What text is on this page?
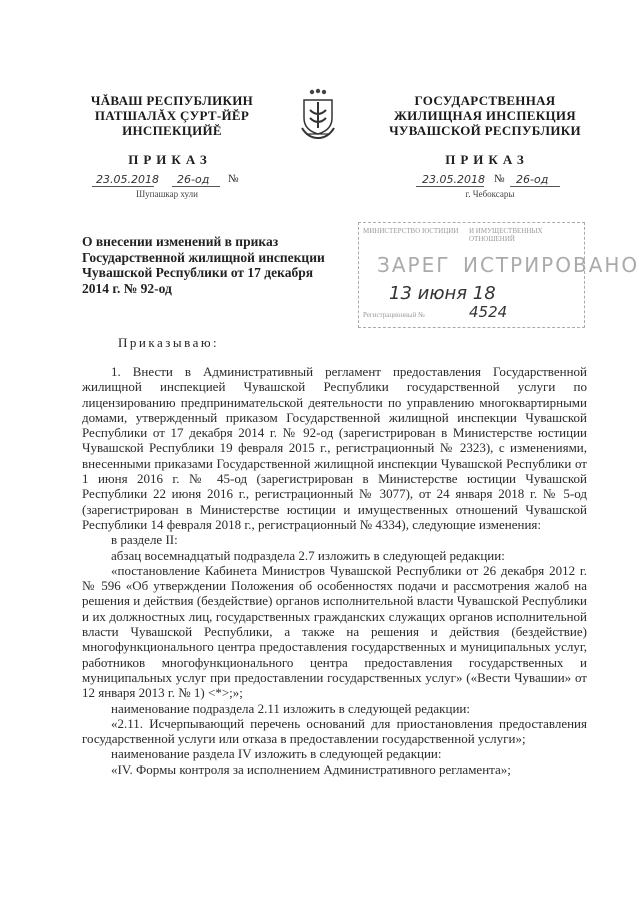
ЧĂВАШ РЕСПУБЛИКИН
ПАТШАЛĂХ ÇУРТ-ЙĔР
ИНСПЕКЦИЙĔ
ПРИКАЗ
23.05.2018 26-од №
Шупашкар хули
ГОСУДАРСТВЕННАЯ
ЖИЛИЩНАЯ ИНСПЕКЦИЯ
ЧУВАШСКОЙ РЕСПУБЛИКИ
ПРИКАЗ
23.05.2018 № 26-од
г. Чебоксары
О внесении изменений в приказ Государственной жилищной инспекции Чувашской Республики от 17 декабря 2014 г. № 92-од
МИНИСТЕРСТВО ЮСТИЦИИ И ИМУЩЕСТВЕННЫХ ОТНОШЕНИЙ
ЗАРЕГ ИСТРИРОВАНО
13 июня 18
Регистрационный №	4524
Приказываю:

1. Внести в Административный регламент предоставления Государственной жилищной инспекцией Чувашской Республики государственной услуги по лицензированию предпринимательской деятельности по управлению многоквартирными домами, утвержденный приказом Государственной жилищной инспекции Чувашской Республики от 17 декабря 2014 г. № 92-од (зарегистрирован в Министерстве юстиции Чувашской Республики 19 февраля 2015 г., регистрационный № 2323), с изменениями, внесенными приказами Государственной жилищной инспекции Чувашской Республики от 1 июня 2016 г. № 45-од (зарегистрирован в Министерстве юстиции Чувашской Республики 22 июня 2016 г., регистрационный № 3077), от 24 января 2018 г. № 5-од (зарегистрирован в Министерстве юстиции и имущественных отношений Чувашской Республики 14 февраля 2018 г., регистрационный № 4334), следующие изменения:

в разделе II:

абзац восемнадцатый подраздела 2.7 изложить в следующей редакции:

«постановление Кабинета Министров Чувашской Республики от 26 декабря 2012 г. № 596 «Об утверждении Положения об особенностях подачи и рассмотрения жалоб на решения и действия (бездействие) органов исполнительной власти Чувашской Республики и их должностных лиц, государственных гражданских служащих органов исполнительной власти Чувашской Республики, а также на решения и действия (бездействие) многофункционального центра предоставления государственных и муниципальных услуг, работников многофункционального центра предоставления государственных и муниципальных услуг при предоставлении государственных услуг» («Вести Чувашии» от 12 января 2013 г. № 1) <*>;»;

наименование подраздела 2.11 изложить в следующей редакции:

«2.11. Исчерпывающий перечень оснований для приостановления предоставления государственной услуги или отказа в предоставлении государственной услуги»;

наименование раздела IV изложить в следующей редакции:

«IV. Формы контроля за исполнением Административного регламента»;
